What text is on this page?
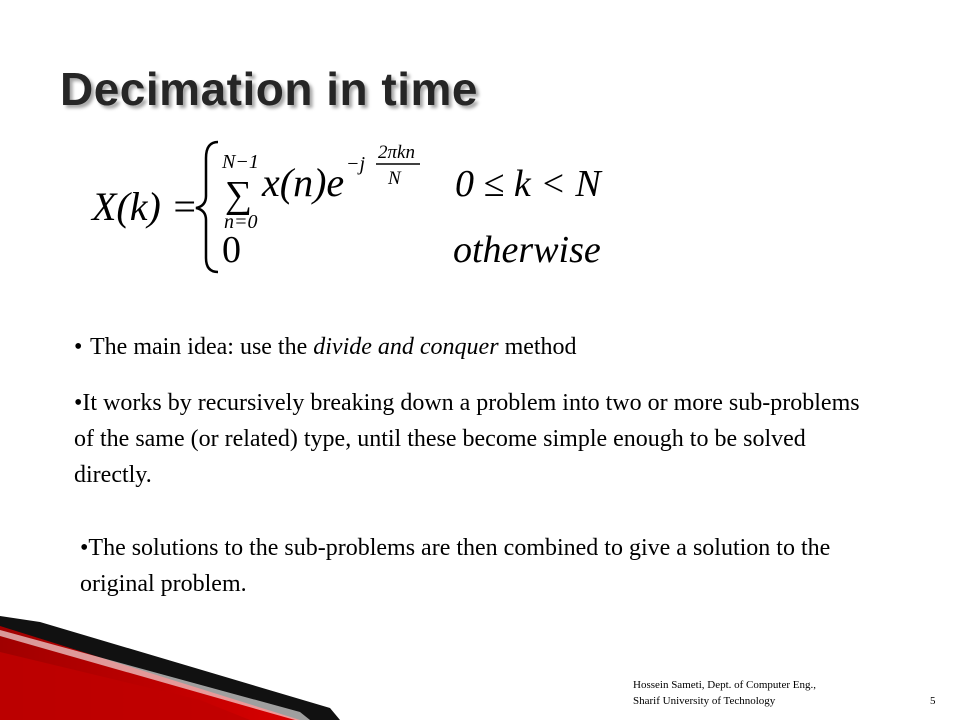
Decimation in time
X(k) =
N−1
∑
n=0
x(n)e −j
2πkn
N 0 ≤ k < N
0	otherwise

• The main idea: use the divide and conquer method

•It works by recursively breaking down a problem into two or more sub-problems of the same (or related) type, until these become simple enough to be solved directly.

•The solutions to the sub-problems are then combined to give a solution to the original problem.

Hossein Sameti, Dept. of Computer Eng.,
Sharif University of Technology	5
